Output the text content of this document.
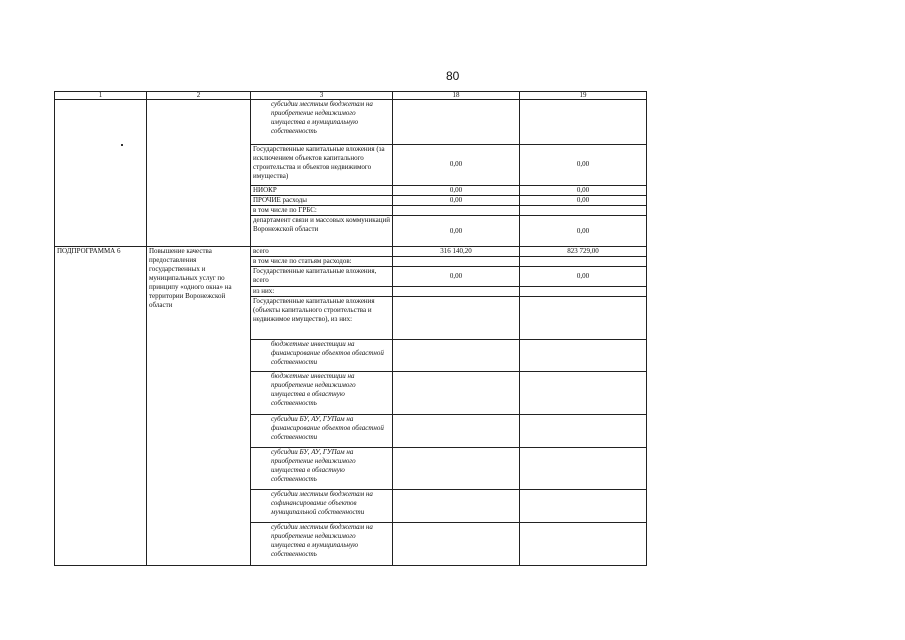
80
1	2	3	18	19
		субсидии местным бюджетам на приобретение недвижимого имущества в муниципальную собственность		
		Государственные капитальные вложения (за исключением объектов капитального строительства и объектов недвижимого имущества)	0,00	0,00
		НИОКР	0,00	0,00
		ПРОЧИЕ расходы	0,00	0,00
		в том числе по ГРБС:		
		департамент связи и массовых коммуникаций Воронежской области	0,00	0,00
ПОДПРОГРАММА 6	Повышение качества предоставления государственных и муниципальных услуг по принципу «одного окна» на территории Воронежской области	всего	316 140,20	823 729,00
		в том числе по статьям расходов:		
		Государственные капитальные вложения, всего	0,00	0,00
		из них:		
		Государственные капитальные вложения (объекты капитального строительства и недвижимое имущество), из них:		
		бюджетные инвестиции на финансирование объектов областной собственности		
		бюджетные инвестиции на приобретение недвижимого имущества в областную собственность		
		субсидии БУ, АУ, ГУПам на финансирование объектов областной собственности		
		субсидии БУ, АУ, ГУПам на приобретение недвижимого имущества в областную собственность		
		субсидии местным бюджетам на софинансирование объектов муниципальной собственности		
		субсидии местным бюджетам на приобретение недвижимого имущества в муниципальную собственность		
